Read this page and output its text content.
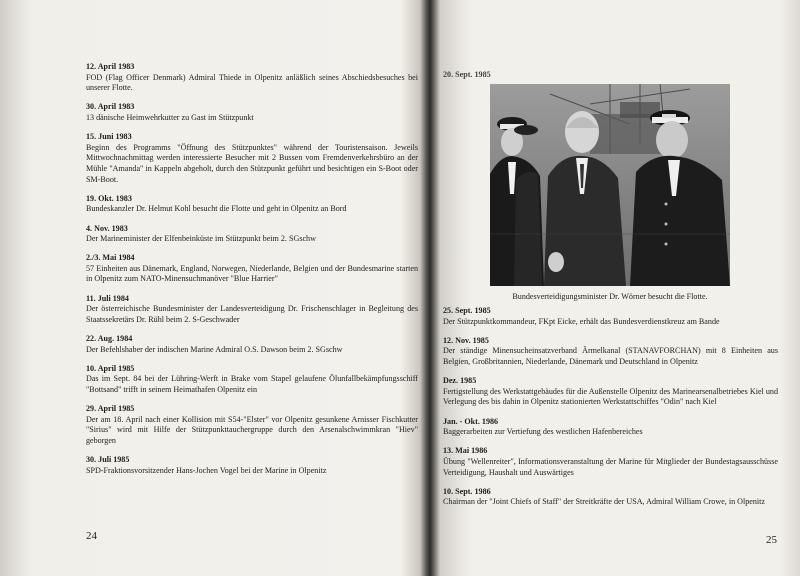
12. April 1983
FOD (Flag Officer Denmark) Admiral Thiede in Olpenitz anläßlich seines Abschiedsbesuches bei unserer Flotte.
30. April 1983
13 dänische Heimwehrkutter zu Gast im Stützpunkt
15. Juni 1983
Beginn des Programms "Öffnung des Stützpunktes" während der Touristensaison. Jeweils Mittwochnachmittag werden interessierte Besucher mit 2 Bussen vom Fremdenverkehrsbüro an der Mühle "Amanda" in Kappeln abgeholt, durch den Stützpunkt geführt und besichtigen ein S-Boot oder SM-Boot.
19. Okt. 1983
Bundeskanzler Dr. Helmut Kohl besucht die Flotte und geht in Olpenitz an Bord
4. Nov. 1983
Der Marineminister der Elfenbeinküste im Stützpunkt beim 2. SGschw
2./3. Mai 1984
57 Einheiten aus Dänemark, England, Norwegen, Niederlande, Belgien und der Bundesmarine starten in Olpenitz zum NATO-Minensuchmanöver "Blue Harrier"
11. Juli 1984
Der österreichische Bundesminister der Landesverteidigung Dr. Frischenschlager in Begleitung des Staatssekretärs Dr. Rühl beim 2. S-Geschwader
22. Aug. 1984
Der Befehlshaber der indischen Marine Admiral O.S. Dawson beim 2. SGschw
10. April 1985
Das im Sept. 84 bei der Lühring-Werft in Brake vom Stapel gelaufene Ölunfallbekämpfungsschiff "Bottsand" trifft in seinem Heimathafen Olpenitz ein
29. April 1985
Der am 18. April nach einer Kollision mit S54-"Elster" vor Olpenitz gesunkene Arnisser Fischkutter "Sirius" wird mit Hilfe der Stützpunkttauchergruppe durch den Arsenalschwimmkran "Hiev" geborgen
30. Juli 1985
SPD-Fraktionsvorsitzender Hans-Jochen Vogel bei der Marine in Olpenitz
24
20. Sept. 1985
Bundesverteidigungsminister Dr. Wörner besucht die Flotte.
25. Sept. 1985
Der Stützpunktkommandeur, FKpt Eicke, erhält das Bundesverdienstkreuz am Bande
12. Nov. 1985
Der ständige Minensucheinsatzverband Ärmelkanal (STANAVFORCHAN) mit 8 Einheiten aus Belgien, Großbritannien, Niederlande, Dänemark und Deutschland in Olpenitz
Dez. 1985
Fertigstellung des Werkstattgebäudes für die Außenstelle Olpenitz des Marinearsenalbetriebes Kiel und Verlegung des bis dahin in Olpenitz stationierten Werkstattschiffes "Odin" nach Kiel
Jan. - Okt. 1986
Baggerarbeiten zur Vertiefung des westlichen Hafenbereiches
13. Mai 1986
Übung "Wellenreiter", Informationsveranstaltung der Marine für Mitglieder der Bundestagsausschüsse Verteidigung, Haushalt und Auswärtiges
10. Sept. 1986
Chairman der "Joint Chiefs of Staff" der Streitkräfte der USA, Admiral William Crowe, in Olpenitz
25
